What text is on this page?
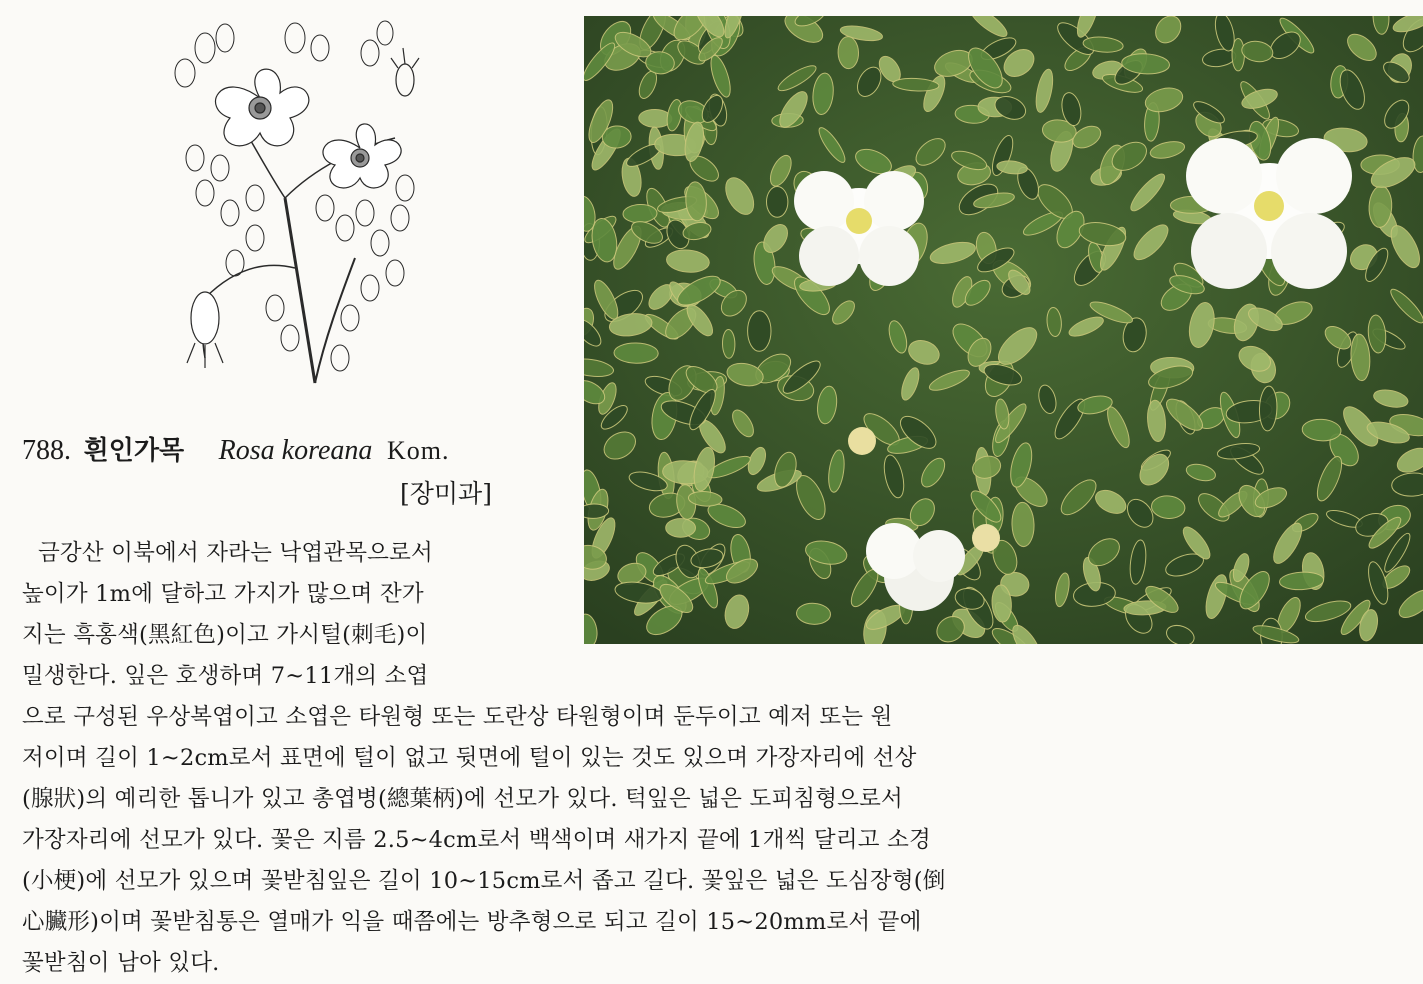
788. 흰인가목 Rosa koreana Kom.
[장미과]
금강산 이북에서 자라는 낙엽관목으로서
높이가 1m에 달하고 가지가 많으며 잔가
지는 흑홍색(黑紅色)이고 가시털(刺毛)이
밀생한다. 잎은 호생하며 7~11개의 소엽
으로 구성된 우상복엽이고 소엽은 타원형 또는 도란상 타원형이며 둔두이고 예저 또는 원
저이며 길이 1~2cm로서 표면에 털이 없고 뒷면에 털이 있는 것도 있으며 가장자리에 선상
(腺狀)의 예리한 톱니가 있고 총엽병(總葉柄)에 선모가 있다. 턱잎은 넓은 도피침형으로서
가장자리에 선모가 있다. 꽃은 지름 2.5~4cm로서 백색이며 새가지 끝에 1개씩 달리고 소경
(小梗)에 선모가 있으며 꽃받침잎은 길이 10~15cm로서 좁고 길다. 꽃잎은 넓은 도심장형(倒
心臟形)이며 꽃받침통은 열매가 익을 때쯤에는 방추형으로 되고 길이 15~20mm로서 끝에
꽃받침이 남아 있다.
